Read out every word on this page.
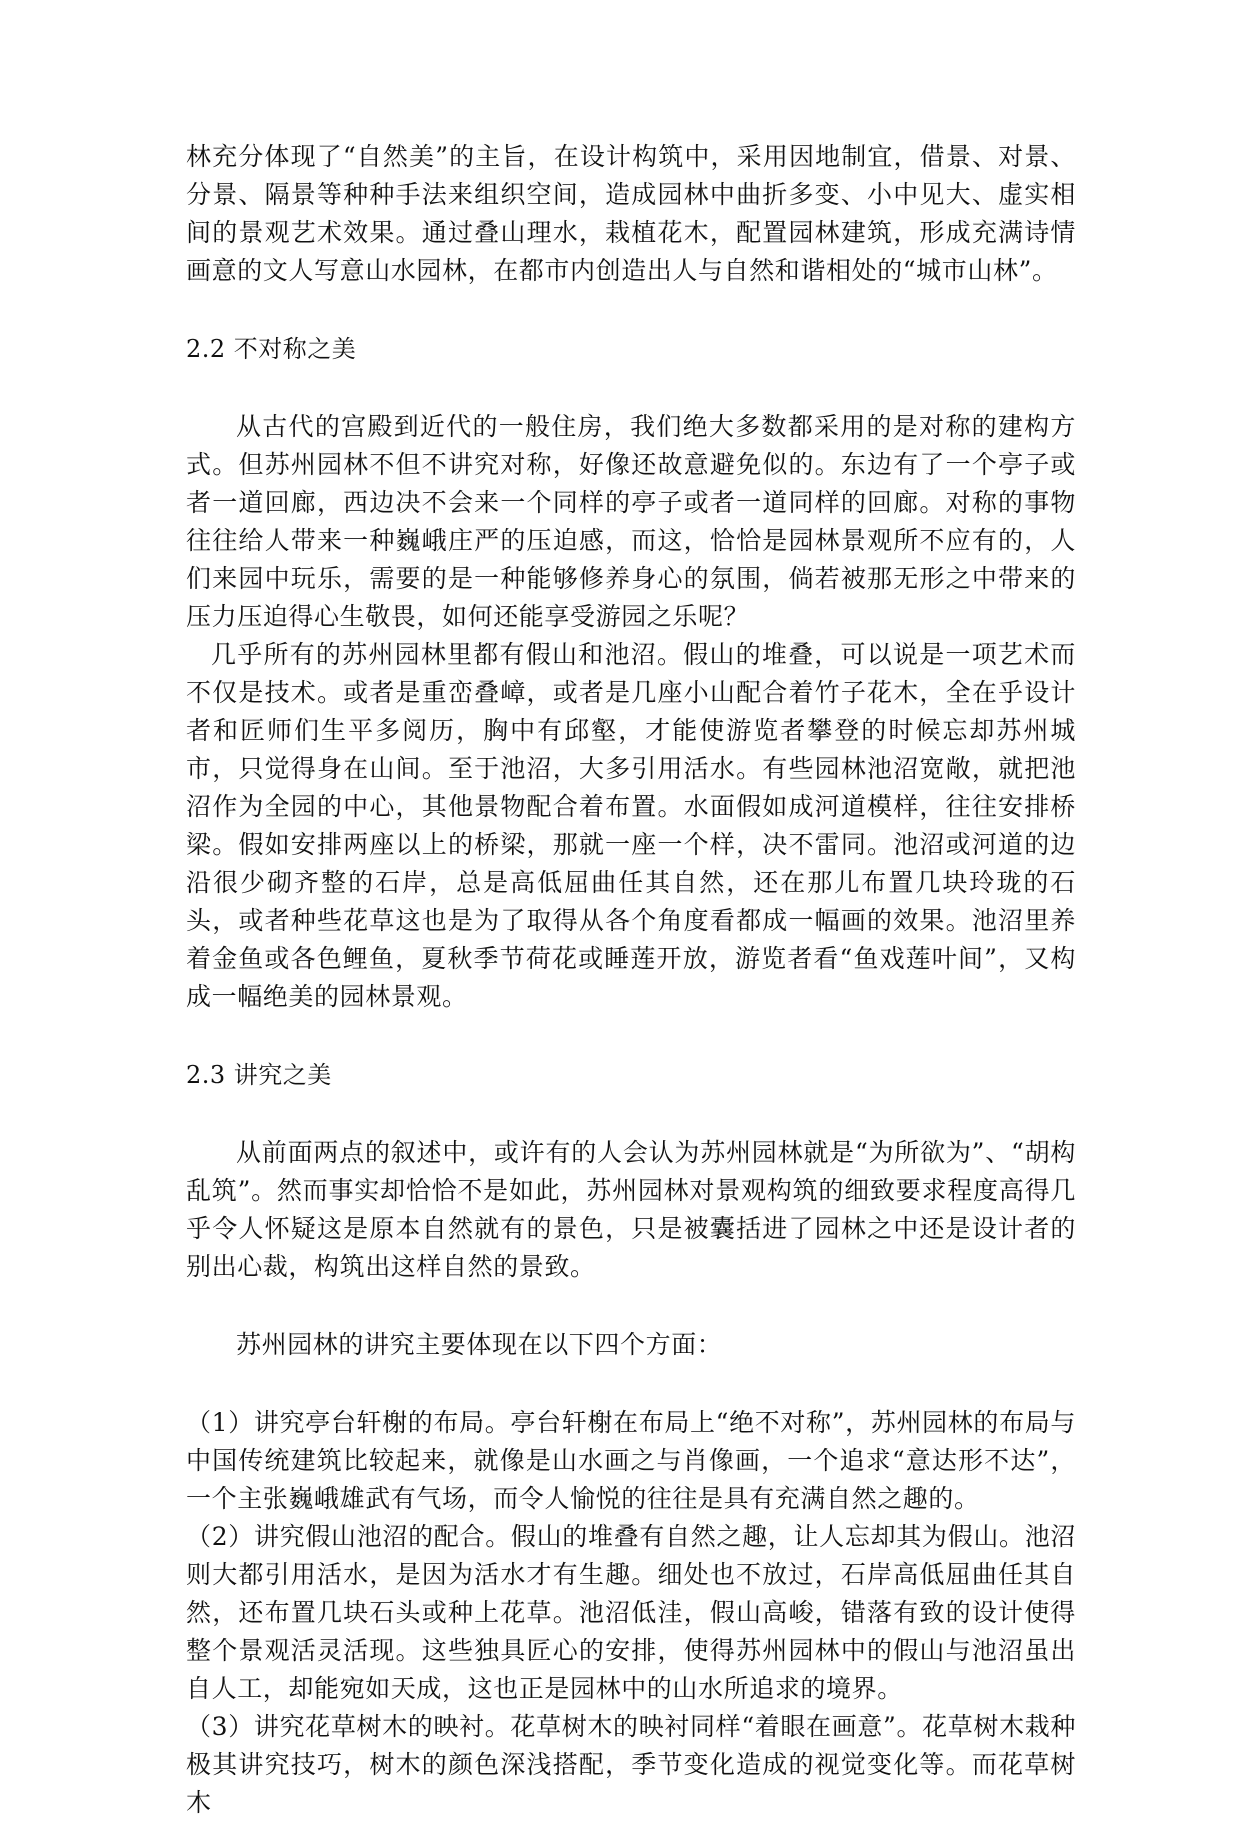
林充分体现了“自然美”的主旨，在设计构筑中，采用因地制宜，借景、对景、分景、隔景等种种手法来组织空间，造成园林中曲折多变、小中见大、虚实相间的景观艺术效果。通过叠山理水，栽植花木，配置园林建筑，形成充满诗情画意的文人写意山水园林，在都市内创造出人与自然和谐相处的“城市山林”。

2.2 不对称之美

从古代的宫殿到近代的一般住房，我们绝大多数都采用的是对称的建构方式。但苏州园林不但不讲究对称，好像还故意避免似的。东边有了一个亭子或者一道回廊，西边决不会来一个同样的亭子或者一道同样的回廊。对称的事物往往给人带来一种巍峨庄严的压迫感，而这，恰恰是园林景观所不应有的，人们来园中玩乐，需要的是一种能够修养身心的氛围，倘若被那无形之中带来的压力压迫得心生敬畏，如何还能享受游园之乐呢？

几乎所有的苏州园林里都有假山和池沼。假山的堆叠，可以说是一项艺术而不仅是技术。或者是重峦叠嶂，或者是几座小山配合着竹子花木，全在乎设计者和匠师们生平多阅历，胸中有邱壑，才能使游览者攀登的时候忘却苏州城市，只觉得身在山间。至于池沼，大多引用活水。有些园林池沼宽敞，就把池沼作为全园的中心，其他景物配合着布置。水面假如成河道模样，往往安排桥梁。假如安排两座以上的桥梁，那就一座一个样，决不雷同。池沼或河道的边沿很少砌齐整的石岸，总是高低屈曲任其自然，还在那儿布置几块玲珑的石头，或者种些花草这也是为了取得从各个角度看都成一幅画的效果。池沼里养着金鱼或各色鲤鱼，夏秋季节荷花或睡莲开放，游览者看“鱼戏莲叶间”，又构成一幅绝美的园林景观。

2.3 讲究之美

从前面两点的叙述中，或许有的人会认为苏州园林就是“为所欲为”、“胡构乱筑”。然而事实却恰恰不是如此，苏州园林对景观构筑的细致要求程度高得几乎令人怀疑这是原本自然就有的景色，只是被囊括进了园林之中还是设计者的别出心裁，构筑出这样自然的景致。

苏州园林的讲究主要体现在以下四个方面：

（1）讲究亭台轩榭的布局。亭台轩榭在布局上“绝不对称”，苏州园林的布局与中国传统建筑比较起来，就像是山水画之与肖像画，一个追求“意达形不达”，一个主张巍峨雄武有气场，而令人愉悦的往往是具有充满自然之趣的。

（2）讲究假山池沼的配合。假山的堆叠有自然之趣，让人忘却其为假山。池沼则大都引用活水，是因为活水才有生趣。细处也不放过，石岸高低屈曲任其自然，还布置几块石头或种上花草。池沼低洼，假山高峻，错落有致的设计使得整个景观活灵活现。这些独具匠心的安排，使得苏州园林中的假山与池沼虽出自人工，却能宛如天成，这也正是园林中的山水所追求的境界。

（3）讲究花草树木的映衬。花草树木的映衬同样“着眼在画意”。花草树木栽种极其讲究技巧，树木的颜色深浅搭配，季节变化造成的视觉变化等。而花草树木
